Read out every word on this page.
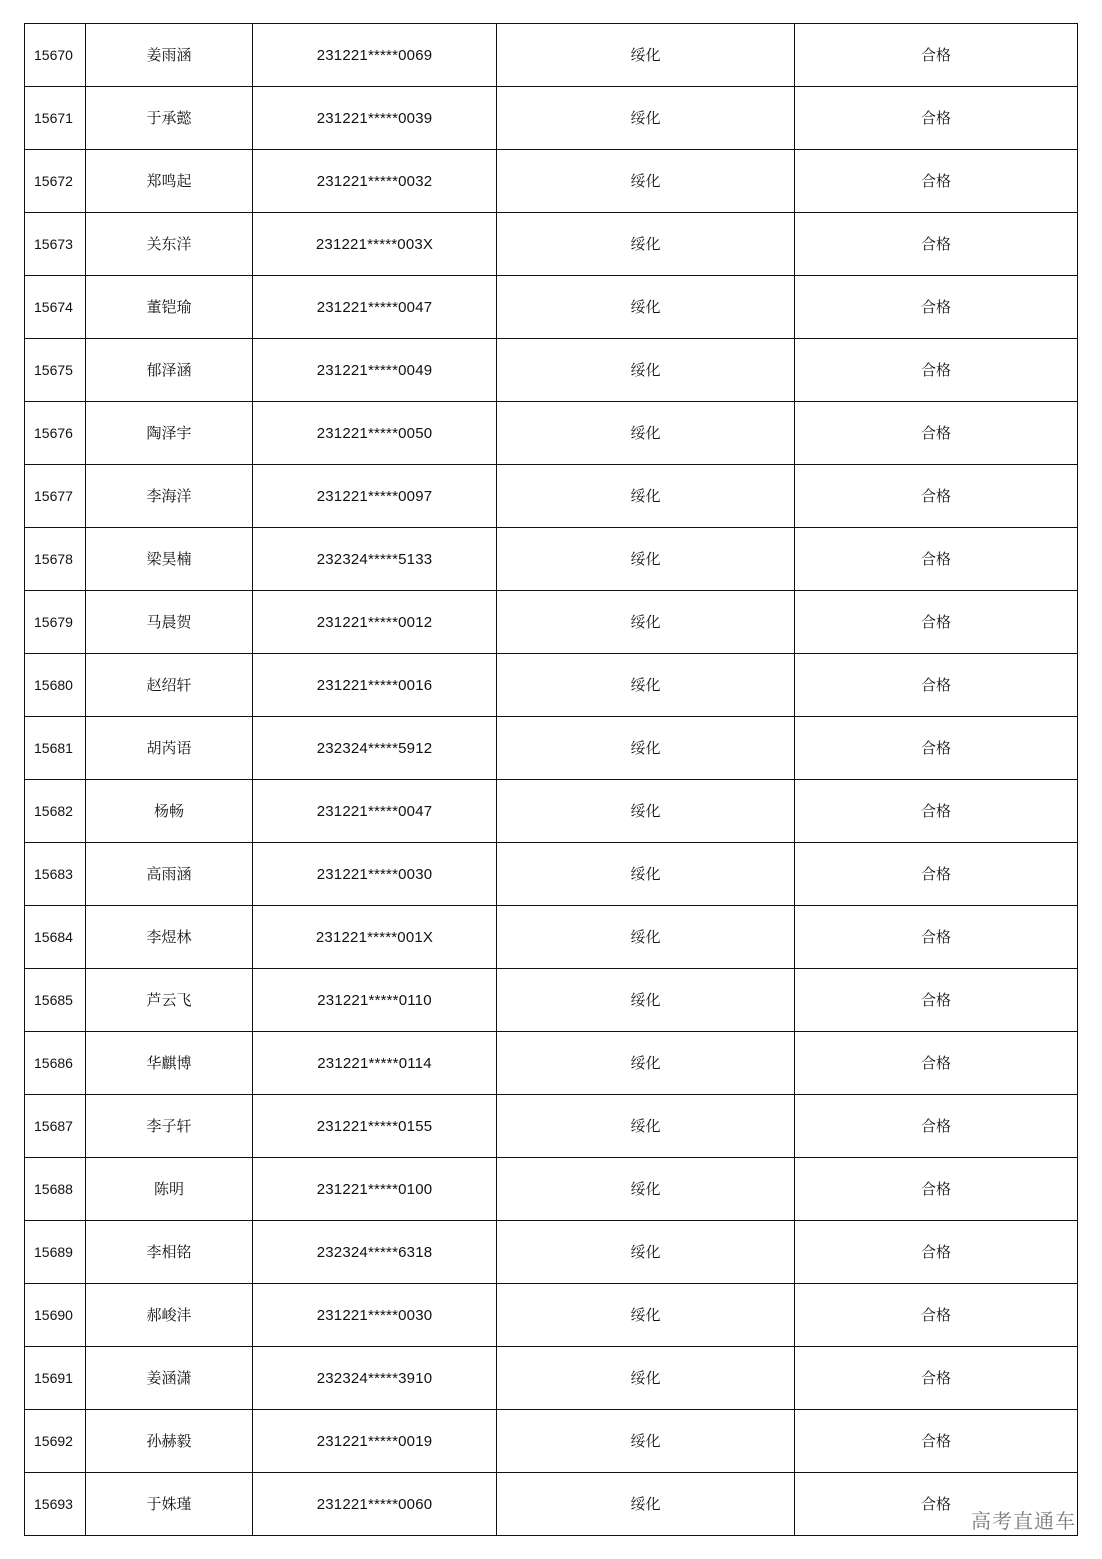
15670	姜雨涵	231221*****0069	绥化	合格
15671	于承懿	231221*****0039	绥化	合格
15672	郑鸣起	231221*****0032	绥化	合格
15673	关东洋	231221*****003X	绥化	合格
15674	董铠瑜	231221*****0047	绥化	合格
15675	郁泽涵	231221*****0049	绥化	合格
15676	陶泽宇	231221*****0050	绥化	合格
15677	李海洋	231221*****0097	绥化	合格
15678	梁昊楠	232324*****5133	绥化	合格
15679	马晨贺	231221*****0012	绥化	合格
15680	赵绍轩	231221*****0016	绥化	合格
15681	胡芮语	232324*****5912	绥化	合格
15682	杨畅	231221*****0047	绥化	合格
15683	高雨涵	231221*****0030	绥化	合格
15684	李煜林	231221*****001X	绥化	合格
15685	芦云飞	231221*****0110	绥化	合格
15686	华麒博	231221*****0114	绥化	合格
15687	李子轩	231221*****0155	绥化	合格
15688	陈明	231221*****0100	绥化	合格
15689	李相铭	232324*****6318	绥化	合格
15690	郝峻沣	231221*****0030	绥化	合格
15691	姜涵潇	232324*****3910	绥化	合格
15692	孙赫毅	231221*****0019	绥化	合格
15693	于姝瑾	231221*****0060	绥化	合格
高考直通车
